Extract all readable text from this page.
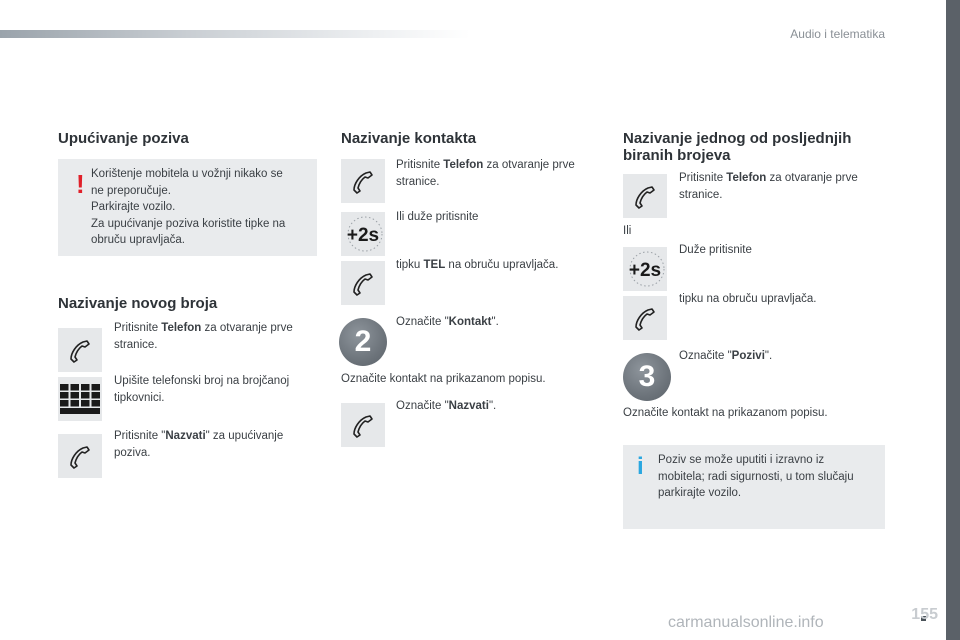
Audio i telematika
155
carmanualsonline.info
Upućivanje poziva
! Korištenje mobitela u vožnji nikako se
ne preporučuje.
Parkirajte vozilo.
Za upućivanje poziva koristite tipke na
obruču upravljača.
Nazivanje novog broja
Pritisnite Telefon za otvaranje prve
stranice.
Upišite telefonski broj na brojčanoj
tipkovnici.
Pritisnite "Nazvati" za upućivanje
poziva.
Nazivanje kontakta
Pritisnite Telefon za otvaranje prve
stranice.
+2s
Ili duže pritisnite
tipku TEL na obruču upravljača.
2
Označite "Kontakt".
Označite kontakt na prikazanom popisu.
Označite "Nazvati".
Nazivanje jednog od posljednjih
biranih brojeva
Pritisnite Telefon za otvaranje prve
stranice.
Ili
+2s
Duže pritisnite
tipku na obruču upravljača.
3
Označite "Pozivi".
Označite kontakt na prikazanom popisu.
i Poziv se može uputiti i izravno iz
mobitela; radi sigurnosti, u tom slučaju
parkirajte vozilo.
